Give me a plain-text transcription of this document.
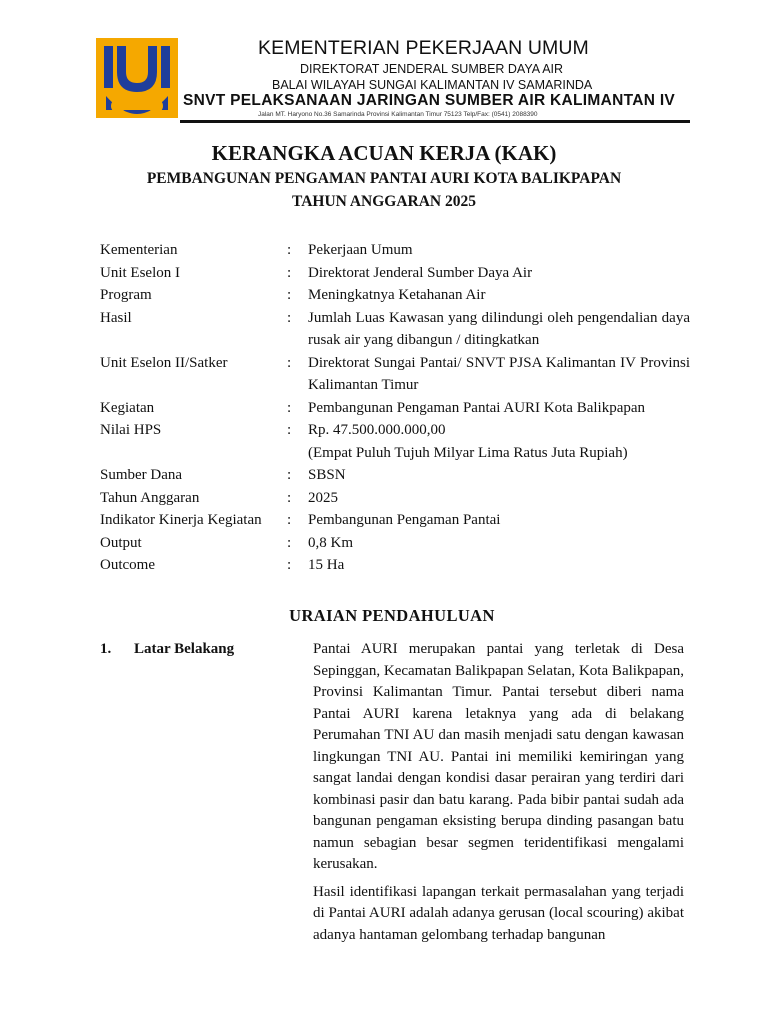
KEMENTERIAN PEKERJAAN UMUM
DIREKTORAT JENDERAL SUMBER DAYA AIR
BALAI WILAYAH SUNGAI KALIMANTAN IV SAMARINDA
SNVT PELAKSANAAN JARINGAN SUMBER AIR KALIMANTAN IV
Jalan MT. Haryono No.36 Samarinda Provinsi Kalimantan Timur 75123 Telp/Fax: (0541) 2088390
KERANGKA ACUAN KERJA (KAK)
PEMBANGUNAN PENGAMAN PANTAI AURI KOTA BALIKPAPAN
TAHUN ANGGARAN 2025
Kementerian	:	Pekerjaan Umum
Unit Eselon I	:	Direktorat Jenderal Sumber Daya Air
Program	:	Meningkatnya Ketahanan Air
Hasil	:	Jumlah Luas Kawasan yang dilindungi oleh pengendalian daya rusak air yang dibangun / ditingkatkan
Unit Eselon II/Satker	:	Direktorat Sungai Pantai/ SNVT PJSA Kalimantan IV Provinsi Kalimantan Timur
Kegiatan	:	Pembangunan Pengaman Pantai AURI Kota Balikpapan
Nilai HPS	:	Rp. 47.500.000.000,00
(Empat Puluh Tujuh Milyar Lima Ratus Juta Rupiah)
Sumber Dana	:	SBSN
Tahun Anggaran	:	2025
Indikator Kinerja Kegiatan	:	Pembangunan Pengaman Pantai
Output	:	0,8 Km
Outcome	:	15 Ha
URAIAN PENDAHULUAN
1. Latar Belakang	Pantai AURI merupakan pantai yang terletak di Desa Sepinggan, Kecamatan Balikpapan Selatan, Kota Balikpapan, Provinsi Kalimantan Timur. Pantai tersebut diberi nama Pantai AURI karena letaknya yang ada di belakang Perumahan TNI AU dan masih menjadi satu dengan kawasan lingkungan TNI AU. Pantai ini memiliki kemiringan yang sangat landai dengan kondisi dasar perairan yang terdiri dari kombinasi pasir dan batu karang. Pada bibir pantai sudah ada bangunan pengaman eksisting berupa dinding pasangan batu namun sebagian besar segmen teridentifikasi mengalami kerusakan.

Hasil identifikasi lapangan terkait permasalahan yang terjadi di Pantai AURI adalah adanya gerusan (local scouring) akibat adanya hantaman gelombang terhadap bangunan
